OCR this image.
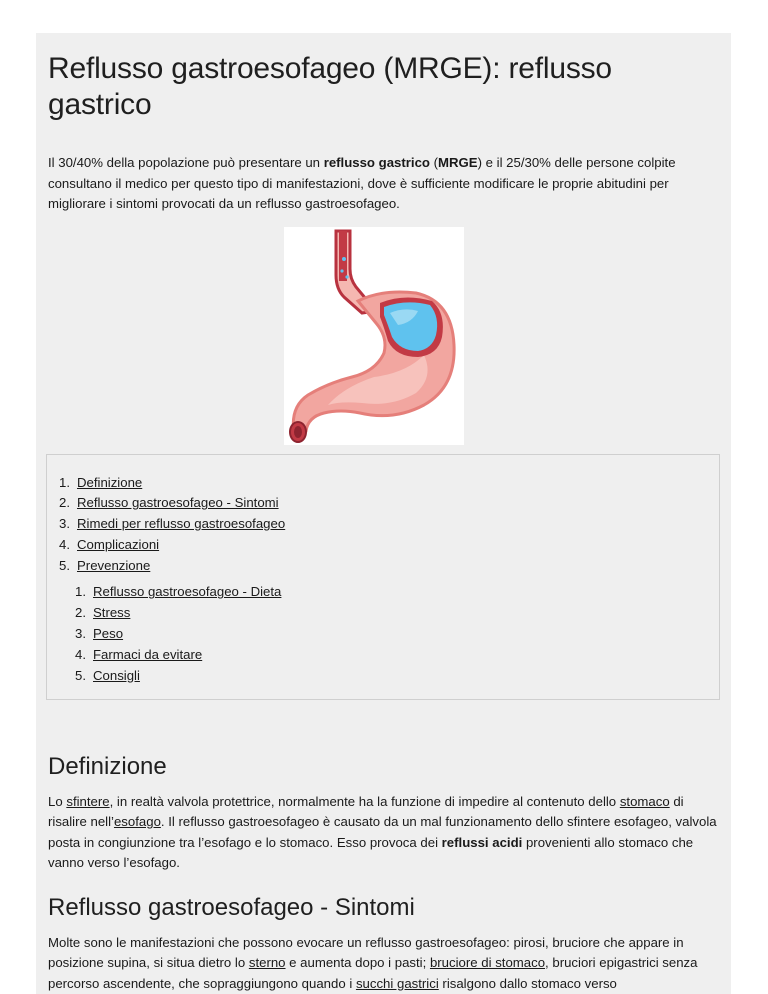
Reflusso gastroesofageo (MRGE): reflusso gastrico

Il 30/40% della popolazione può presentare un reflusso gastrico (MRGE) e il 25/30% delle persone colpite consultano il medico per questo tipo di manifestazioni, dove è sufficiente modificare le proprie abitudini per migliorare i sintomi provocati da un reflusso gastroesofageo.

1. Definizione
2. Reflusso gastroesofageo - Sintomi
3. Rimedi per reflusso gastroesofageo
4. Complicazioni
5. Prevenzione
1. Reflusso gastroesofageo - Dieta
2. Stress
3. Peso
4. Farmaci da evitare
5. Consigli
Definizione

Lo sfintere, in realtà valvola protettrice, normalmente ha la funzione di impedire al contenuto dello stomaco di risalire nell’esofago. Il reflusso gastroesofageo è causato da un mal funzionamento dello sfintere esofageo, valvola posta in congiunzione tra l’esofago e lo stomaco. Esso provoca dei reflussi acidi provenienti allo stomaco che vanno verso l’esofago.

Reflusso gastroesofageo - Sintomi

Molte sono le manifestazioni che possono evocare un reflusso gastroesofageo: pirosi, bruciore che appare in posizione supina, si situa dietro lo sterno e aumenta dopo i pasti; bruciore di stomaco, bruciori epigastrici senza percorso ascendente, che sopraggiungono quando i succhi gastrici risalgono dallo stomaco verso
